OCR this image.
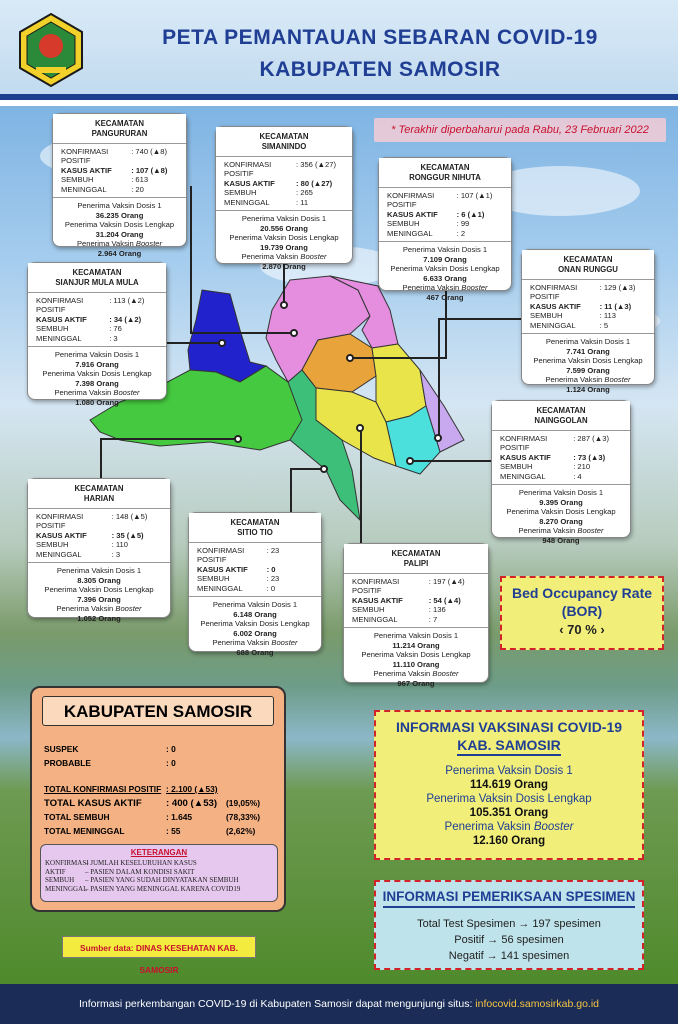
PETA PEMANTAUAN SEBARAN COVID-19
KABUPATEN SAMOSIR
* Terakhir diperbaharui pada Rabu, 23 Februari 2022
KECAMATAN
PANGURURAN
KONFIRMASI POSITIF
: 740 (▲8)
KASUS AKTIF	: 107 (▲8)
SEMBUH	: 613
MENINGGAL	: 20
Penerima Vaksin Dosis 1
36.235 Orang
Penerima Vaksin Dosis Lengkap
31.204 Orang
Penerima Vaksin Booster
2.964 Orang
KECAMATAN
SIMANINDO
KONFIRMASI POSITIF
: 356 (▲27)
KASUS AKTIF	: 80 (▲27)
SEMBUH	: 265
MENINGGAL	: 11
Penerima Vaksin Dosis 1
20.556 Orang
Penerima Vaksin Dosis Lengkap
19.739 Orang
Penerima Vaksin Booster
2.870 Orang
KECAMATAN
RONGGUR NIHUTA
KONFIRMASI POSITIF
: 107 (▲1)
KASUS AKTIF	: 6 (▲1)
SEMBUH	: 99
MENINGGAL	: 2
Penerima Vaksin Dosis 1
7.109 Orang
Penerima Vaksin Dosis Lengkap
6.633 Orang
Penerima Vaksin Booster
467 Orang
KECAMATAN
SIANJUR MULA MULA
KONFIRMASI POSITIF
: 113 (▲2)
KASUS AKTIF	: 34 (▲2)
SEMBUH	: 76
MENINGGAL	: 3
Penerima Vaksin Dosis 1
7.916 Orang
Penerima Vaksin Dosis Lengkap
7.398 Orang
Penerima Vaksin Booster
1.080 Orang
KECAMATAN
ONAN RUNGGU
KONFIRMASI POSITIF
: 129 (▲3)
KASUS AKTIF	: 11 (▲3)
SEMBUH	: 113
MENINGGAL	: 5
Penerima Vaksin Dosis 1
7.741 Orang
Penerima Vaksin Dosis Lengkap
7.599 Orang
Penerima Vaksin Booster
1.124 Orang
KECAMATAN
NAINGGOLAN
KONFIRMASI POSITIF
: 287 (▲3)
KASUS AKTIF	: 73 (▲3)
SEMBUH	: 210
MENINGGAL	: 4
Penerima Vaksin Dosis 1
9.395 Orang
Penerima Vaksin Dosis Lengkap
8.270 Orang
Penerima Vaksin Booster
948 Orang
KECAMATAN
HARIAN
KONFIRMASI POSITIF
: 148 (▲5)
KASUS AKTIF	: 35 (▲5)
SEMBUH	: 110
MENINGGAL	: 3
Penerima Vaksin Dosis 1
8.305 Orang
Penerima Vaksin Dosis Lengkap
7.396 Orang
Penerima Vaksin Booster
1.052 Orang
KECAMATAN
SITIO TIO
KONFIRMASI POSITIF
: 23
KASUS AKTIF	: 0
SEMBUH	: 23
MENINGGAL	: 0
Penerima Vaksin Dosis 1
6.148 Orang
Penerima Vaksin Dosis Lengkap
6.002 Orang
Penerima Vaksin Booster
688 Orang
KECAMATAN
PALIPI
KONFIRMASI POSITIF
: 197 (▲4)
KASUS AKTIF	: 54 (▲4)
SEMBUH	: 136
MENINGGAL	: 7
Penerima Vaksin Dosis 1
11.214 Orang
Penerima Vaksin Dosis Lengkap
11.110 Orang
Penerima Vaksin Booster
967 Orang
Bed Occupancy Rate
(BOR)
‹ 70 % ›
KABUPATEN SAMOSIR
SUSPEK	: 0
PROBABLE	: 0
TOTAL KONFIRMASI POSITIF : 2.100 (▲53)
TOTAL KASUS AKTIF	: 400 (▲53)	(19,05%)
TOTAL SEMBUH	: 1.645	(78,33%)
TOTAL MENINGGAL	: 55	(2,62%)
KETERANGAN
KONFIRMASI
– JUMLAH KESELURUHAN KASUS
AKTIF	– PASIEN DALAM KONDISI SAKIT
SEMBUH	– PASIEN YANG SUDAH DINYATAKAN SEMBUH
MENINGGAL
– PASIEN YANG MENINGGAL KARENA COVID19
Sumber data: DINAS KESEHATAN KAB. SAMOSIR
INFORMASI VAKSINASI COVID-19
KAB. SAMOSIR
Penerima Vaksin Dosis 1
114.619 Orang
Penerima Vaksin Dosis Lengkap
105.351 Orang
Penerima Vaksin Booster
12.160 Orang
INFORMASI PEMERIKSAAN SPESIMEN
Total Test Spesimen → 197 spesimen
Positif → 56 spesimen
Negatif → 141 spesimen
Informasi perkembangan COVID-19 di Kabupaten Samosir dapat mengunjungi situs: infocovid.samosirkab.go.id
